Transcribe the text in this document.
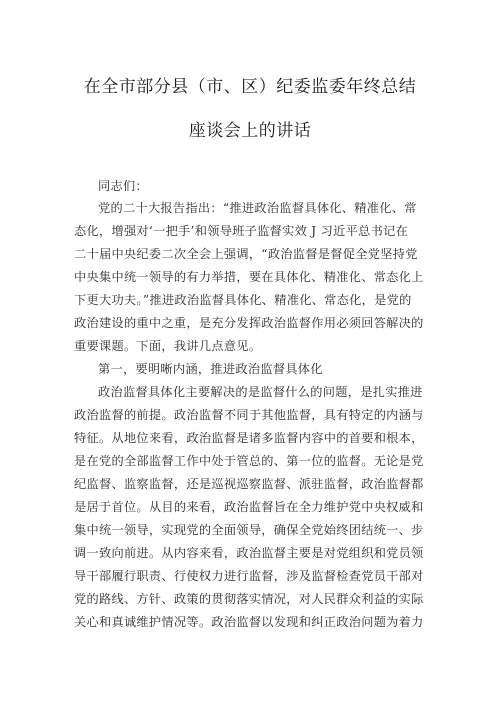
在全市部分县（市、区）纪委监委年终总结
座谈会上的讲话
同志们：
党的二十大报告指出：“推进政治监督具体化、精准化、常
态化，增强对‘一把手’和领导班子监督实效 J 习近平总书记在
二十届中央纪委二次全会上强调，“政治监督是督促全党坚持党
中央集中统一领导的有力举措，要在具体化、精准化、常态化上
下更大功夫。”推进政治监督具体化、精准化、常态化，是党的
政治建设的重中之重，是充分发挥政治监督作用必须回答解决的
重要课题。下面，我讲几点意见。
第一，要明晰内涵，推进政治监督具体化
政治监督具体化主要解决的是监督什么的问题，是扎实推进
政治监督的前提。政治监督不同于其他监督，具有特定的内涵与
特征。从地位来看，政治监督是诸多监督内容中的首要和根本，
是在党的全部监督工作中处于管总的、第一位的监督。无论是党
纪监督、监察监督，还是巡视巡察监督、派驻监督，政治监督都
是居于首位。从目的来看，政治监督旨在全力维护党中央权威和
集中统一领导，实现党的全面领导，确保全党始终团结统一、步
调一致向前进。从内容来看，政治监督主要是对党组织和党员领
导干部履行职责、行使权力进行监督，涉及监督检查党员干部对
党的路线、方针、政策的贯彻落实情况，对人民群众利益的实际
关心和真诚维护情况等。政治监督以发现和纠正政治问题为着力
